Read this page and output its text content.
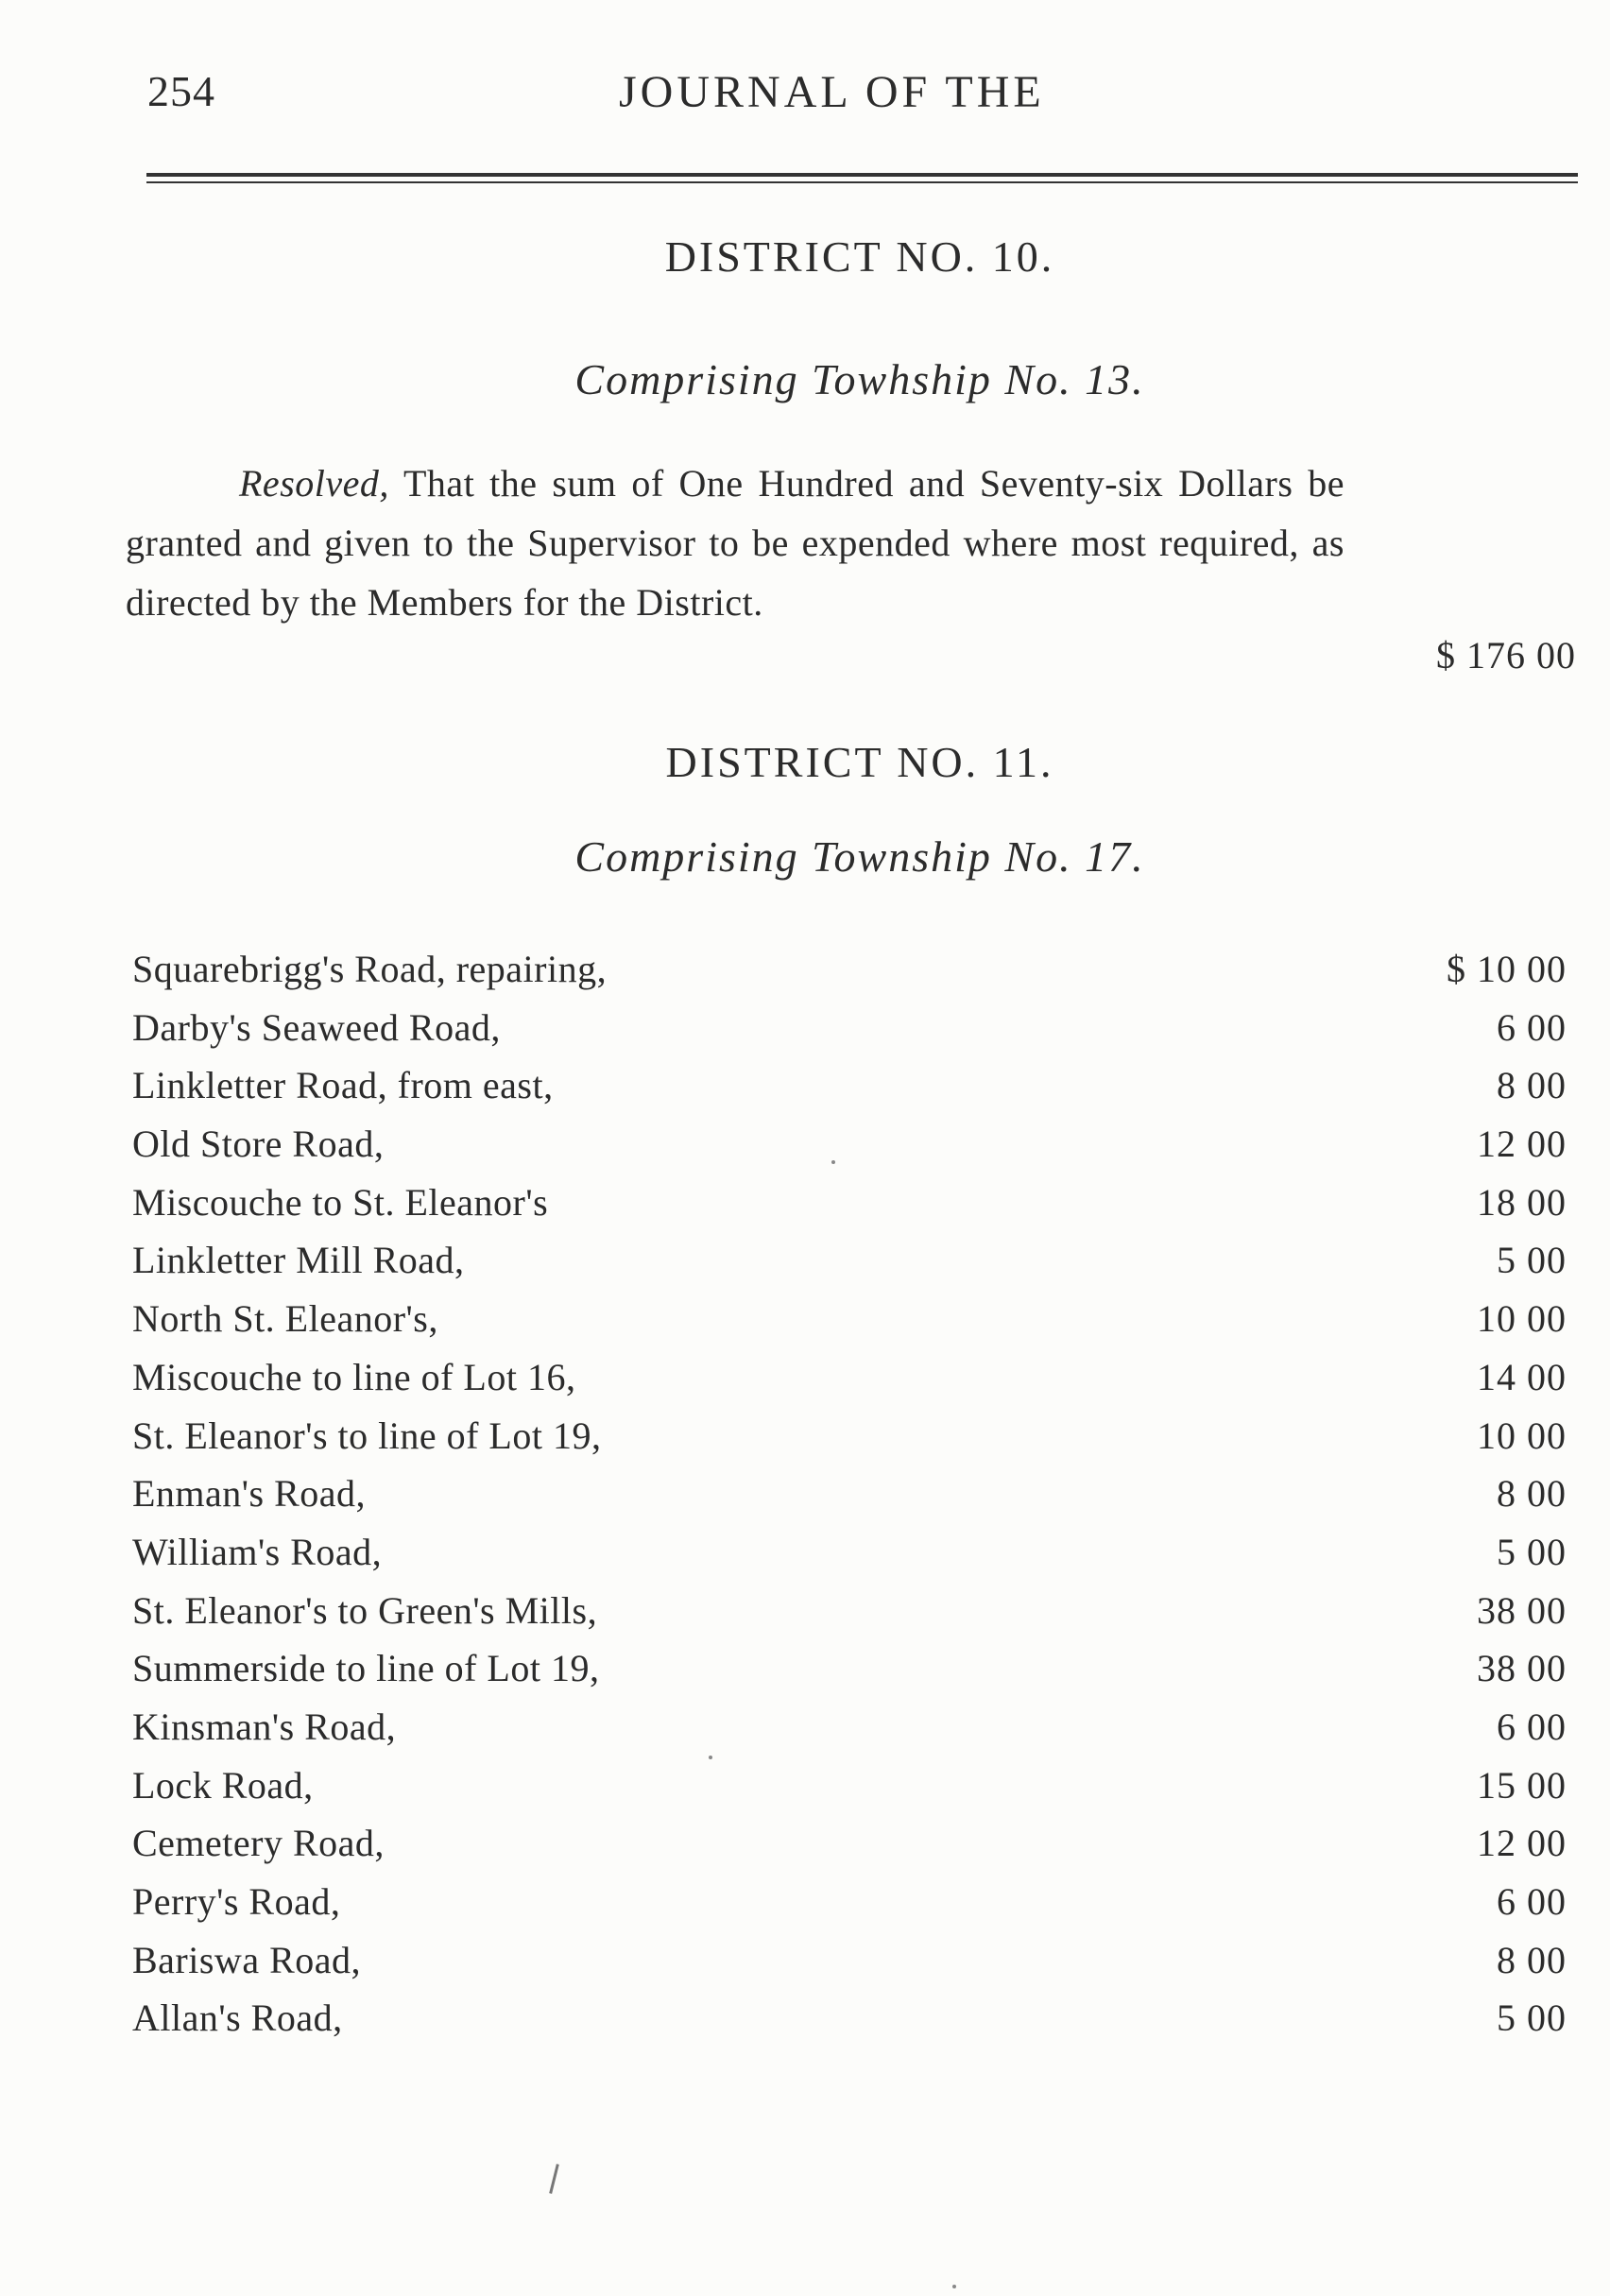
254	JOURNAL OF THE
DISTRICT NO. 10.
Comprising Towhship No. 13.
Resolved, That the sum of One Hundred and Seventy-six Dollars be granted and given to the Supervisor to be expended where most required, as directed by the Members for the District.
$ 176 00
DISTRICT NO. 11.
Comprising Township No. 17.
Squarebrigg's Road, repairing,	$ 10 00
Darby's Seaweed Road,	6 00
Linkletter Road, from east,	8 00
Old Store Road,	12 00
Miscouche to St. Eleanor's	18 00
Linkletter Mill Road,	5 00
North St. Eleanor's,	10 00
Miscouche to line of Lot 16,	14 00
St. Eleanor's to line of Lot 19,	10 00
Enman's Road,	8 00
William's Road,	5 00
St. Eleanor's to Green's Mills,	38 00
Summerside to line of Lot 19,	38 00
Kinsman's Road,	6 00
Lock Road,	15 00
Cemetery Road,	12 00
Perry's Road,	6 00
Bariswa Road,	8 00
Allan's Road,	5 00
